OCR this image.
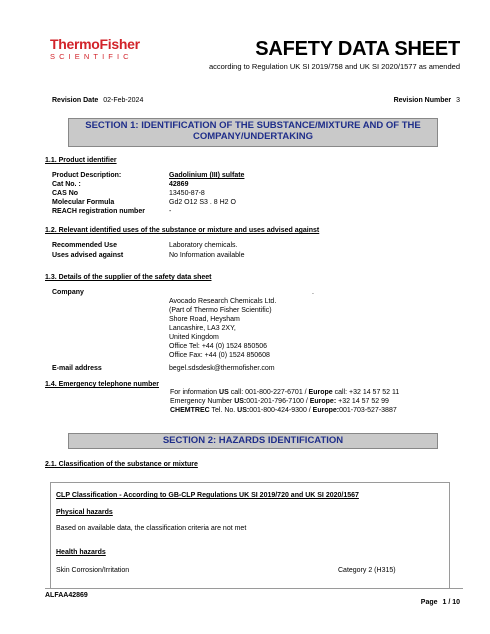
ThermoFisher
SCIENTIFIC	SAFETY DATA SHEET
according to Regulation UK SI 2019/758 and UK SI 2020/1577 as amended
Revision Date 02-Feb-2024	Revision Number 3
SECTION 1: IDENTIFICATION OF THE SUBSTANCE/MIXTURE AND OF THE COMPANY/UNDERTAKING
1.1. Product identifier
Product Description:	Gadolinium (III) sulfate
Cat No. :	42869
CAS No	13450-87-8
Molecular Formula	Gd2 O12 S3 . 8 H2 O
REACH registration number	-
1.2. Relevant identified uses of the substance or mixture and uses advised against
Recommended Use	Laboratory chemicals.
Uses advised against	No Information available
1.3. Details of the supplier of the safety data sheet
Company	.
Avocado Research Chemicals Ltd.
(Part of Thermo Fisher Scientific)
Shore Road, Heysham
Lancashire, LA3 2XY,
United Kingdom
Office Tel: +44 (0) 1524 850506
Office Fax: +44 (0) 1524 850608
E-mail address	begel.sdsdesk@thermofisher.com
1.4. Emergency telephone number
For information US call: 001-800-227-6701 / Europe call: +32 14 57 52 11
Emergency Number US:001-201-796-7100 / Europe: +32 14 57 52 99
CHEMTREC Tel. No. US:001-800-424-9300 / Europe:001-703-527-3887
SECTION 2: HAZARDS IDENTIFICATION
2.1. Classification of the substance or mixture
CLP Classification - According to GB-CLP Regulations UK SI 2019/720 and UK SI 2020/1567
Physical hazards
Based on available data, the classification criteria are not met
Health hazards
Skin Corrosion/Irritation	Category 2 (H315)
ALFAA42869
Page 1 / 10
